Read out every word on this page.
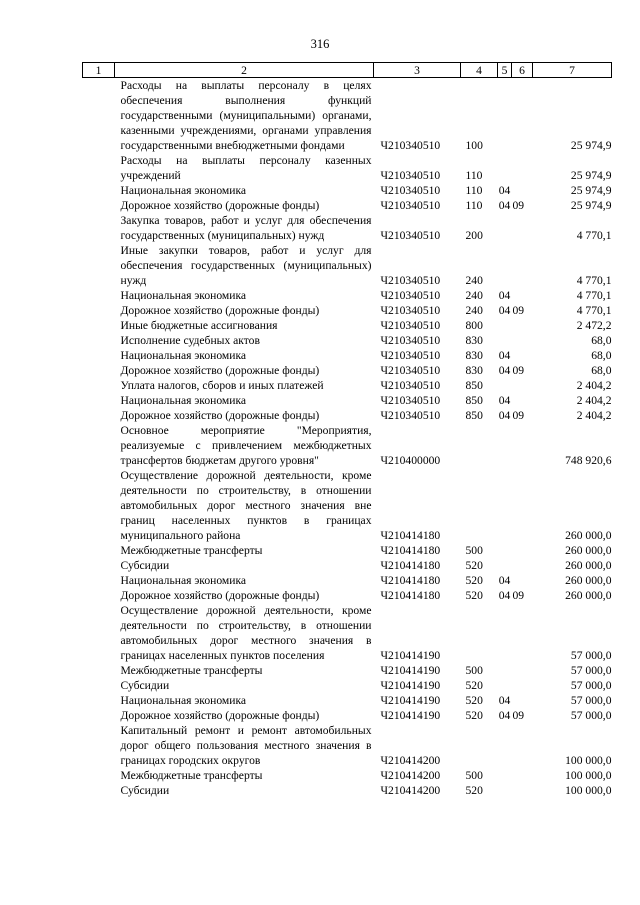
316
1	2	3	4	5	6	7
	Расходы на выплаты персоналу в целях обеспечения выполнения функций государственными (муниципальными) органами, казенными учреждениями, органами управления государственными внебюджетными фондами	Ч210340510	100			25 974,9
	Расходы на выплаты персоналу казенных учреждений	Ч210340510	110			25 974,9
	Национальная экономика	Ч210340510	110	04		25 974,9
	Дорожное хозяйство (дорожные фонды)	Ч210340510	110	04	09	25 974,9
	Закупка товаров, работ и услуг для обеспечения государственных (муниципальных) нужд	Ч210340510	200			4 770,1
	Иные закупки товаров, работ и услуг для обеспечения государственных (муниципальных) нужд	Ч210340510	240			4 770,1
	Национальная экономика	Ч210340510	240	04		4 770,1
	Дорожное хозяйство (дорожные фонды)	Ч210340510	240	04	09	4 770,1
	Иные бюджетные ассигнования	Ч210340510	800			2 472,2
	Исполнение судебных актов	Ч210340510	830			68,0
	Национальная экономика	Ч210340510	830	04		68,0
	Дорожное хозяйство (дорожные фонды)	Ч210340510	830	04	09	68,0
	Уплата налогов, сборов и иных платежей	Ч210340510	850			2 404,2
	Национальная экономика	Ч210340510	850	04		2 404,2
	Дорожное хозяйство (дорожные фонды)	Ч210340510	850	04	09	2 404,2
	Основное мероприятие "Мероприятия, реализуемые с привлечением межбюджетных трансфертов бюджетам другого уровня"	Ч210400000				748 920,6
	Осуществление дорожной деятельности, кроме деятельности по строительству, в отношении автомобильных дорог местного значения вне границ населенных пунктов в границах муниципального района	Ч210414180				260 000,0
	Межбюджетные трансферты	Ч210414180	500			260 000,0
	Субсидии	Ч210414180	520			260 000,0
	Национальная экономика	Ч210414180	520	04		260 000,0
	Дорожное хозяйство (дорожные фонды)	Ч210414180	520	04	09	260 000,0
	Осуществление дорожной деятельности, кроме деятельности по строительству, в отношении автомобильных дорог местного значения в границах населенных пунктов поселения	Ч210414190				57 000,0
	Межбюджетные трансферты	Ч210414190	500			57 000,0
	Субсидии	Ч210414190	520			57 000,0
	Национальная экономика	Ч210414190	520	04		57 000,0
	Дорожное хозяйство (дорожные фонды)	Ч210414190	520	04	09	57 000,0
	Капитальный ремонт и ремонт автомобильных дорог общего пользования местного значения в границах городских округов	Ч210414200				100 000,0
	Межбюджетные трансферты	Ч210414200	500			100 000,0
	Субсидии	Ч210414200	520			100 000,0
